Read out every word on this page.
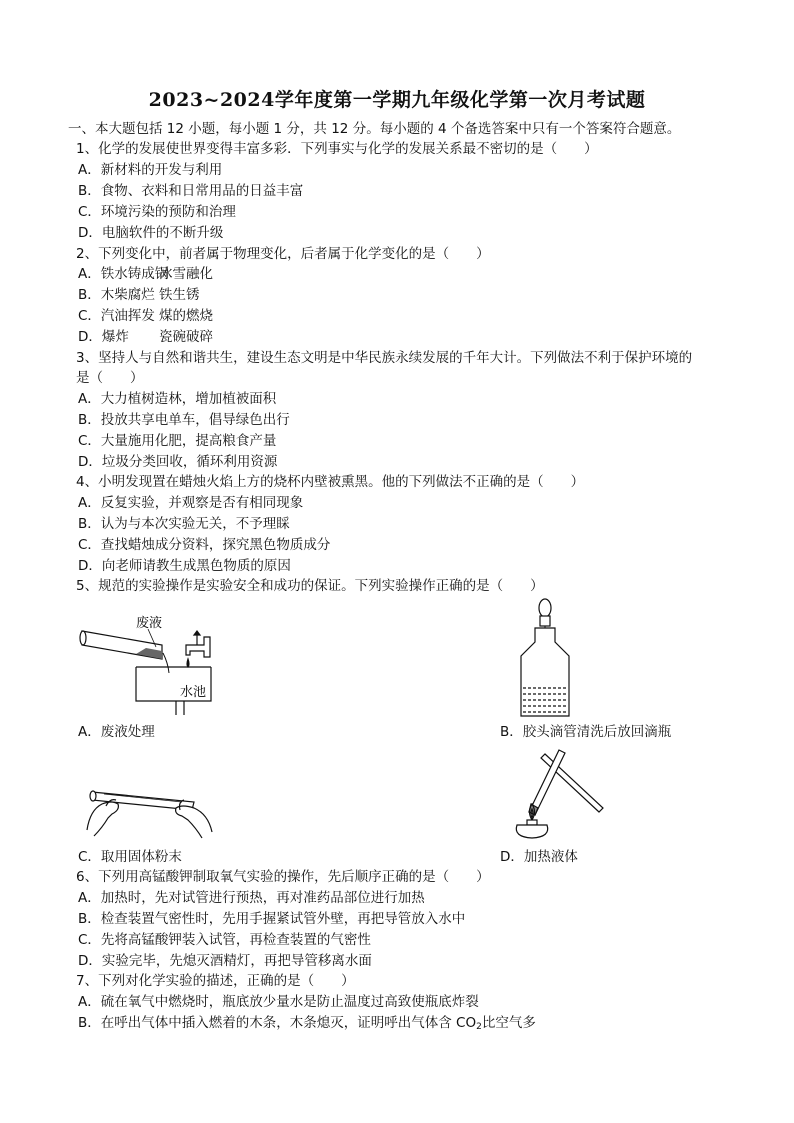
2023~2024学年度第一学期九年级化学第一次月考试题
一、本大题包括 12 小题，每小题 1 分，共 12 分。每小题的 4 个备选答案中只有一个答案符合题意。
1、化学的发展使世界变得丰富多彩．下列事实与化学的发展关系最不密切的是（　　）
A．新材料的开发与利用
B．食物、衣料和日常用品的日益丰富
C．环境污染的预防和治理
D．电脑软件的不断升级
2、下列变化中，前者属于物理变化，后者属于化学变化的是（　　）
A．铁水铸成锅冰雪融化
B．木柴腐烂 铁生锈
C．汽油挥发 煤的燃烧
D．爆炸 瓷碗破碎
3、坚持人与自然和谐共生，建设生态文明是中华民族永续发展的千年大计。下列做法不利于保护环境的
是（　　）
A．大力植树造林，增加植被面积
B．投放共享电单车，倡导绿色出行
C．大量施用化肥，提高粮食产量
D．垃圾分类回收，循环利用资源
4、小明发现置在蜡烛火焰上方的烧杯内壁被熏黑。他的下列做法不正确的是（　　）
A．反复实验，并观察是否有相同现象
B．认为与本次实验无关，不予理睬
C．查找蜡烛成分资料，探究黑色物质成分
D．向老师请教生成黑色物质的原因
5、规范的实验操作是实验安全和成功的保证。下列实验操作正确的是（　　）
废液
水池
A．废液处理	B．胶头滴管清洗后放回滴瓶
C．取用固体粉末	D．加热液体
6、下列用高锰酸钾制取氧气实验的操作，先后顺序正确的是（　　）
A．加热时，先对试管进行预热，再对准药品部位进行加热
B．检查装置气密性时，先用手握紧试管外壁，再把导管放入水中
C．先将高锰酸钾装入试管，再检查装置的气密性
D．实验完毕，先熄灭酒精灯，再把导管移离水面
7、下列对化学实验的描述，正确的是（　　）
A．硫在氧气中燃烧时，瓶底放少量水是防止温度过高致使瓶底炸裂
B．在呼出气体中插入燃着的木条，木条熄灭，证明呼出气体含 $CO_2$比空气多
